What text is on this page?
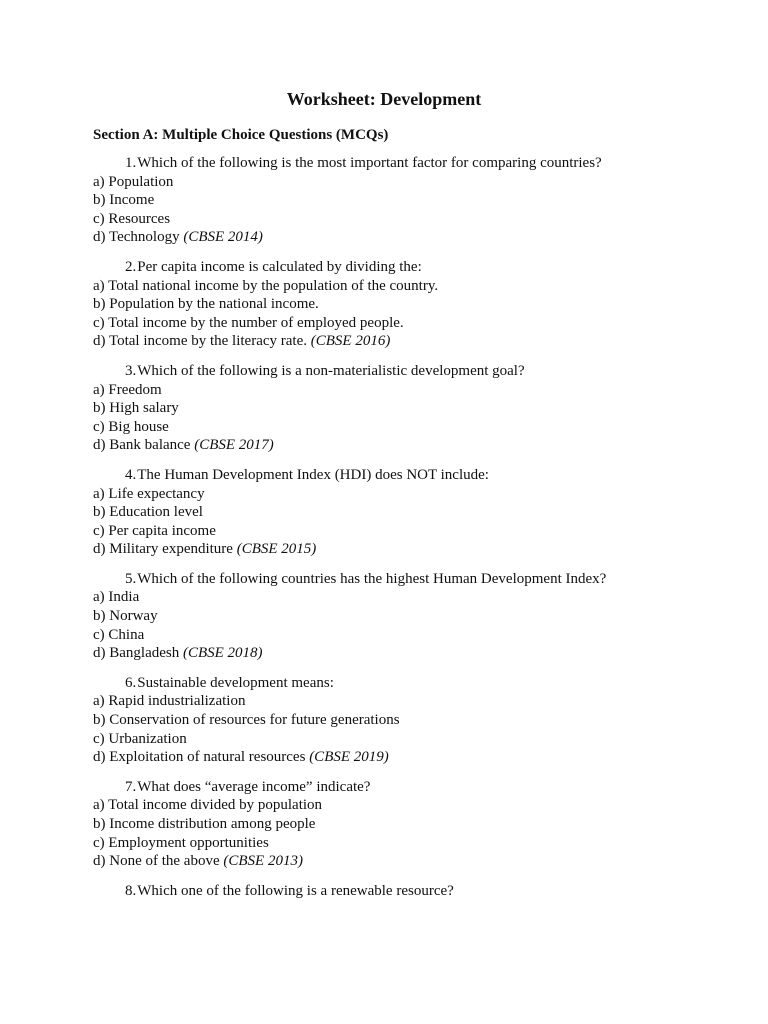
Worksheet: Development
Section A: Multiple Choice Questions (MCQs)
1. Which of the following is the most important factor for comparing countries?
a) Population
b) Income
c) Resources
d) Technology (CBSE 2014)
2. Per capita income is calculated by dividing the:
a) Total national income by the population of the country.
b) Population by the national income.
c) Total income by the number of employed people.
d) Total income by the literacy rate. (CBSE 2016)
3. Which of the following is a non-materialistic development goal?
a) Freedom
b) High salary
c) Big house
d) Bank balance (CBSE 2017)
4. The Human Development Index (HDI) does NOT include:
a) Life expectancy
b) Education level
c) Per capita income
d) Military expenditure (CBSE 2015)
5. Which of the following countries has the highest Human Development Index?
a) India
b) Norway
c) China
d) Bangladesh (CBSE 2018)
6. Sustainable development means:
a) Rapid industrialization
b) Conservation of resources for future generations
c) Urbanization
d) Exploitation of natural resources (CBSE 2019)
7. What does “average income” indicate?
a) Total income divided by population
b) Income distribution among people
c) Employment opportunities
d) None of the above (CBSE 2013)
8. Which one of the following is a renewable resource?
